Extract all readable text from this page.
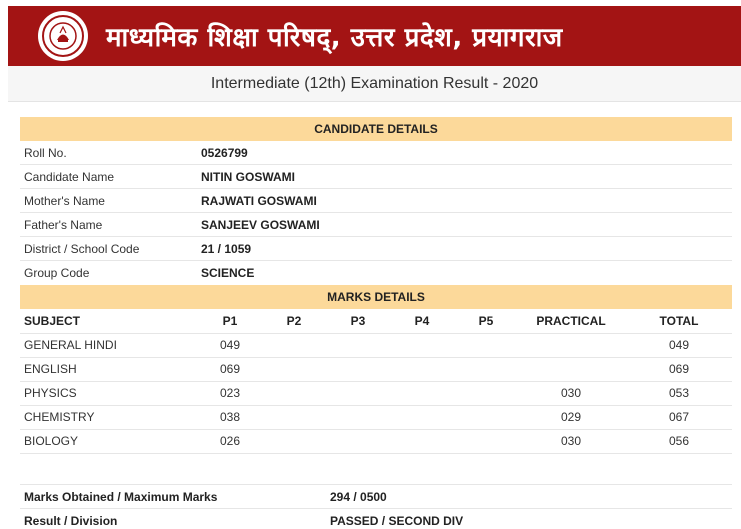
माध्यमिक शिक्षा परिषद्, उत्तर प्रदेश, प्रयागराज
Intermediate (12th) Examination Result - 2020
CANDIDATE DETAILS
Roll No.	0526799
Candidate Name	NITIN GOSWAMI
Mother's Name	RAJWATI GOSWAMI
Father's Name	SANJEEV GOSWAMI
District / School Code	21 / 1059
Group Code	SCIENCE
MARKS DETAILS
SUBJECT	P1	P2	P3	P4	P5	PRACTICAL	TOTAL
GENERAL HINDI	049						049
ENGLISH	069						069
PHYSICS	023					030	053
CHEMISTRY	038					029	067
BIOLOGY	026					030	056

Marks Obtained / Maximum Marks	294 / 0500
Result / Division	PASSED / SECOND DIV
